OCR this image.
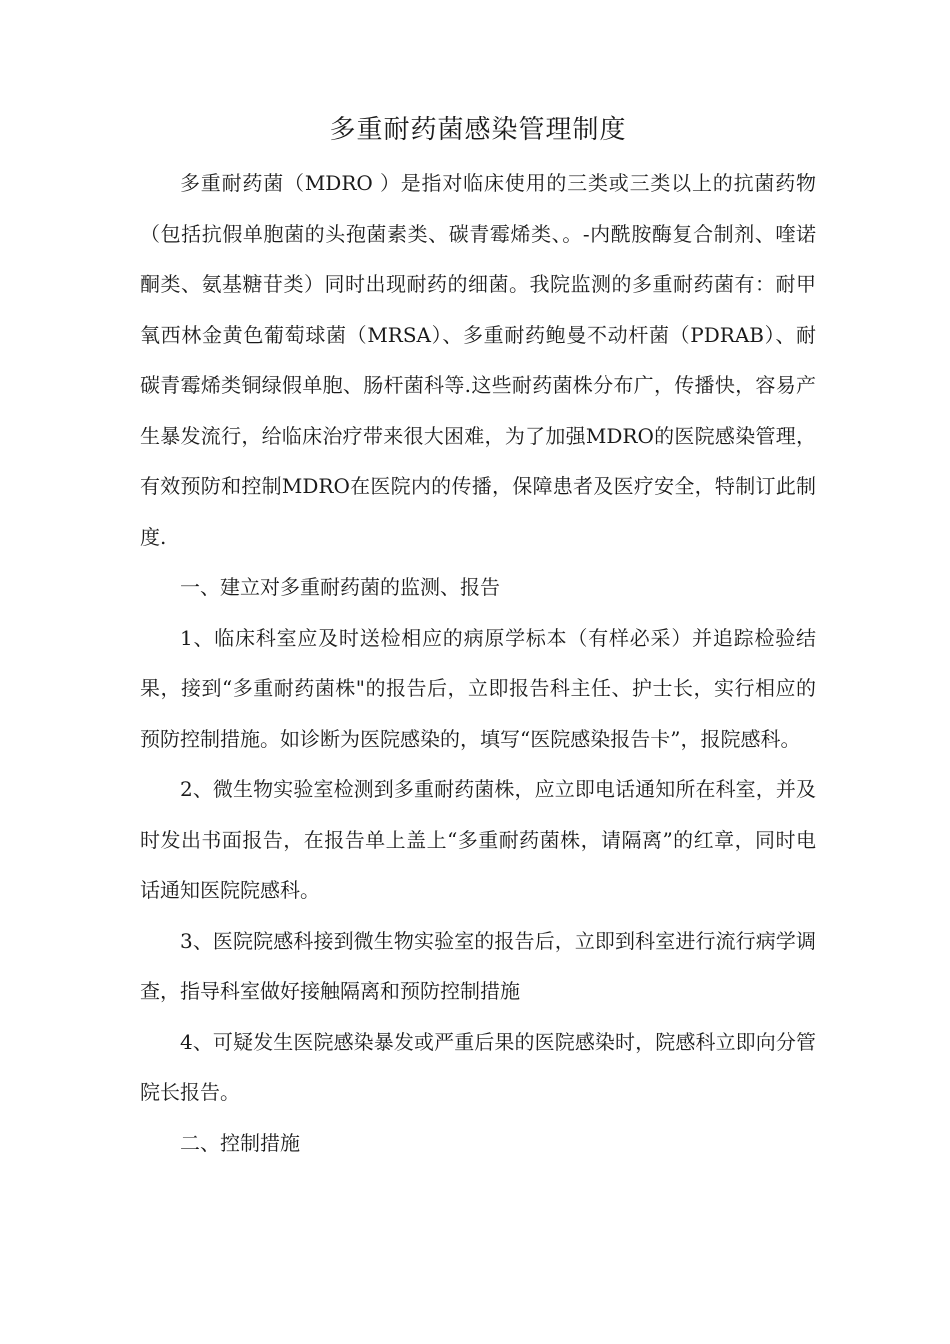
多重耐药菌感染管理制度

多重耐药菌（MDRO ）是指对临床使用的三类或三类以上的抗菌药物（包括抗假单胞菌的头孢菌素类、碳青霉烯类、。-内酰胺酶复合制剂、喹诺酮类、氨基糖苷类）同时出现耐药的细菌。我院监测的多重耐药菌有：耐甲氧西林金黄色葡萄球菌（MRSA）、多重耐药鲍曼不动杆菌（PDRAB）、耐碳青霉烯类铜绿假单胞、肠杆菌科等.这些耐药菌株分布广，传播快，容易产生暴发流行，给临床治疗带来很大困难，为了加强MDRO的医院感染管理，有效预防和控制MDRO在医院内的传播，保障患者及医疗安全，特制订此制度.

一、建立对多重耐药菌的监测、报告

1、临床科室应及时送检相应的病原学标本（有样必采）并追踪检验结果，接到“多重耐药菌株"的报告后，立即报告科主任、护士长，实行相应的预防控制措施。如诊断为医院感染的，填写“医院感染报告卡”，报院感科。

2、微生物实验室检测到多重耐药菌株，应立即电话通知所在科室，并及时发出书面报告，在报告单上盖上“多重耐药菌株，请隔离”的红章，同时电话通知医院院感科。

3、医院院感科接到微生物实验室的报告后，立即到科室进行流行病学调查，指导科室做好接触隔离和预防控制措施

4、可疑发生医院感染暴发或严重后果的医院感染时，院感科立即向分管院长报告。

二、控制措施
